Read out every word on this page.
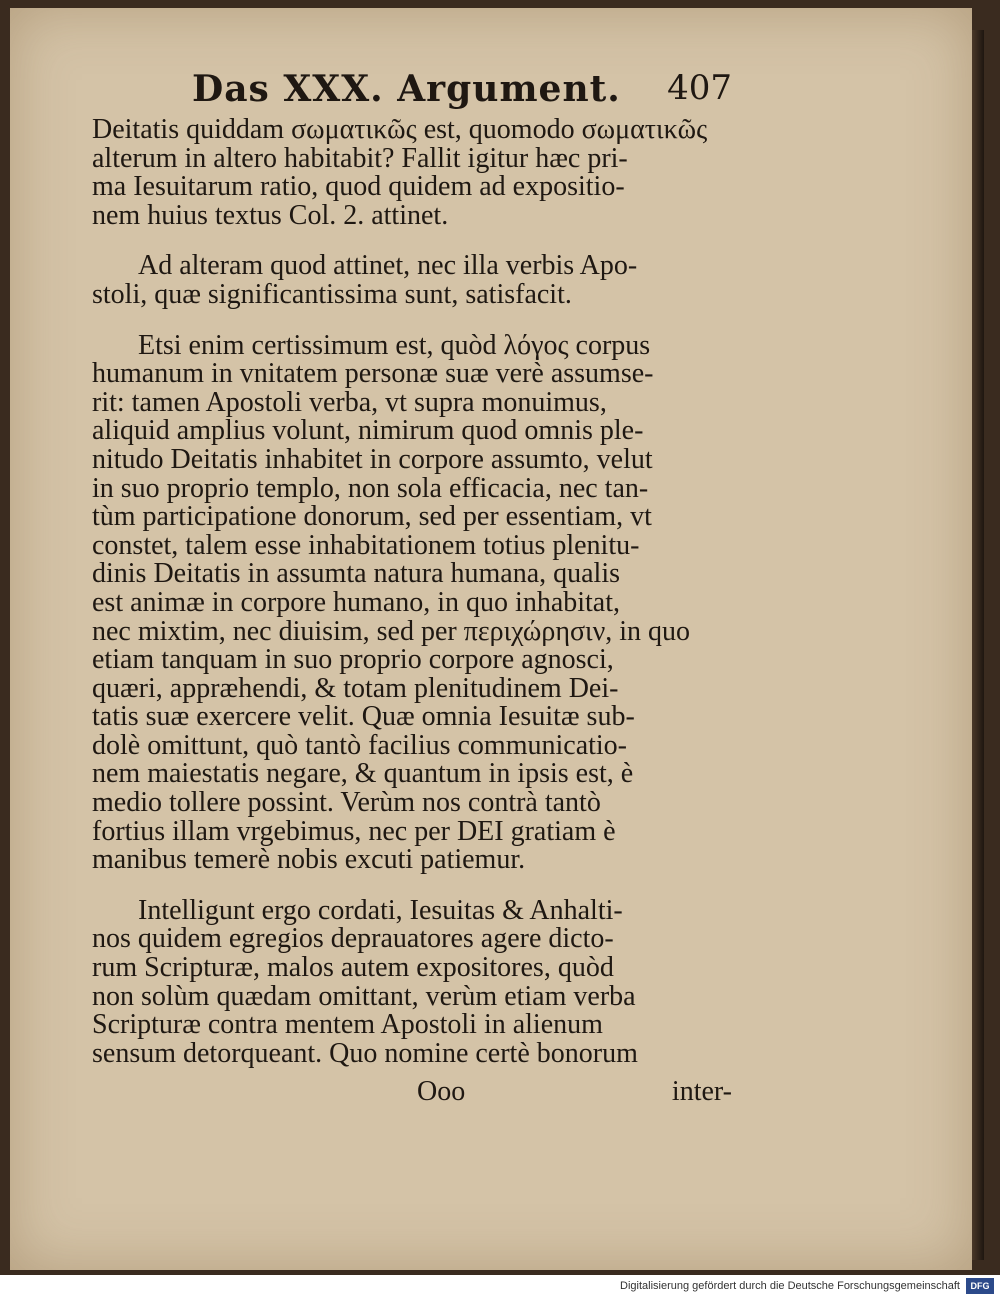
Das XXX. Argument. 407
Deitatis quiddam σωματικῶς est, quomodo σωματικῶς
alterum in altero habitabit? Fallit igitur hæc pri-
ma Iesuitarum ratio, quod quidem ad expositio-
nem huius textus Col. 2. attinet.
Ad alteram quod attinet, nec illa verbis Apo-
stoli, quæ significantissima sunt, satisfacit.
Etsi enim certissimum est, quòd λόγος corpus
humanum in vnitatem personæ suæ verè assumse-
rit: tamen Apostoli verba, vt supra monuimus,
aliquid amplius volunt, nimirum quod omnis ple-
nitudo Deitatis inhabitet in corpore assumto, velut
in suo proprio templo, non sola efficacia, nec tan-
tùm participatione donorum, sed per essentiam, vt
constet, talem esse inhabitationem totius plenitu-
dinis Deitatis in assumta natura humana, qualis
est animæ in corpore humano, in quo inhabitat,
nec mixtim, nec diuisim, sed per περιχώρησιν, in quo
etiam tanquam in suo proprio corpore agnosci,
quæri, appræhendi, & totam plenitudinem Dei-
tatis suæ exercere velit. Quæ omnia Iesuitæ sub-
dolè omittunt, quò tantò facilius communicatio-
nem maiestatis negare, & quantum in ipsis est, è
medio tollere possint. Verùm nos contrà tantò
fortius illam vrgebimus, nec per DEI gratiam è
manibus temerè nobis excuti patiemur.
Intelligunt ergo cordati, Iesuitas & Anhalti-
nos quidem egregios deprauatores agere dicto-
rum Scripturæ, malos autem expositores, quòd
non solùm quædam omittant, verùm etiam verba
Scripturæ contra mentem Apostoli in alienum
sensum detorqueant. Quo nomine certè bonorum
Ooo	inter-
Digitalisierung gefördert durch die Deutsche Forschungsgemeinschaft	DFG
